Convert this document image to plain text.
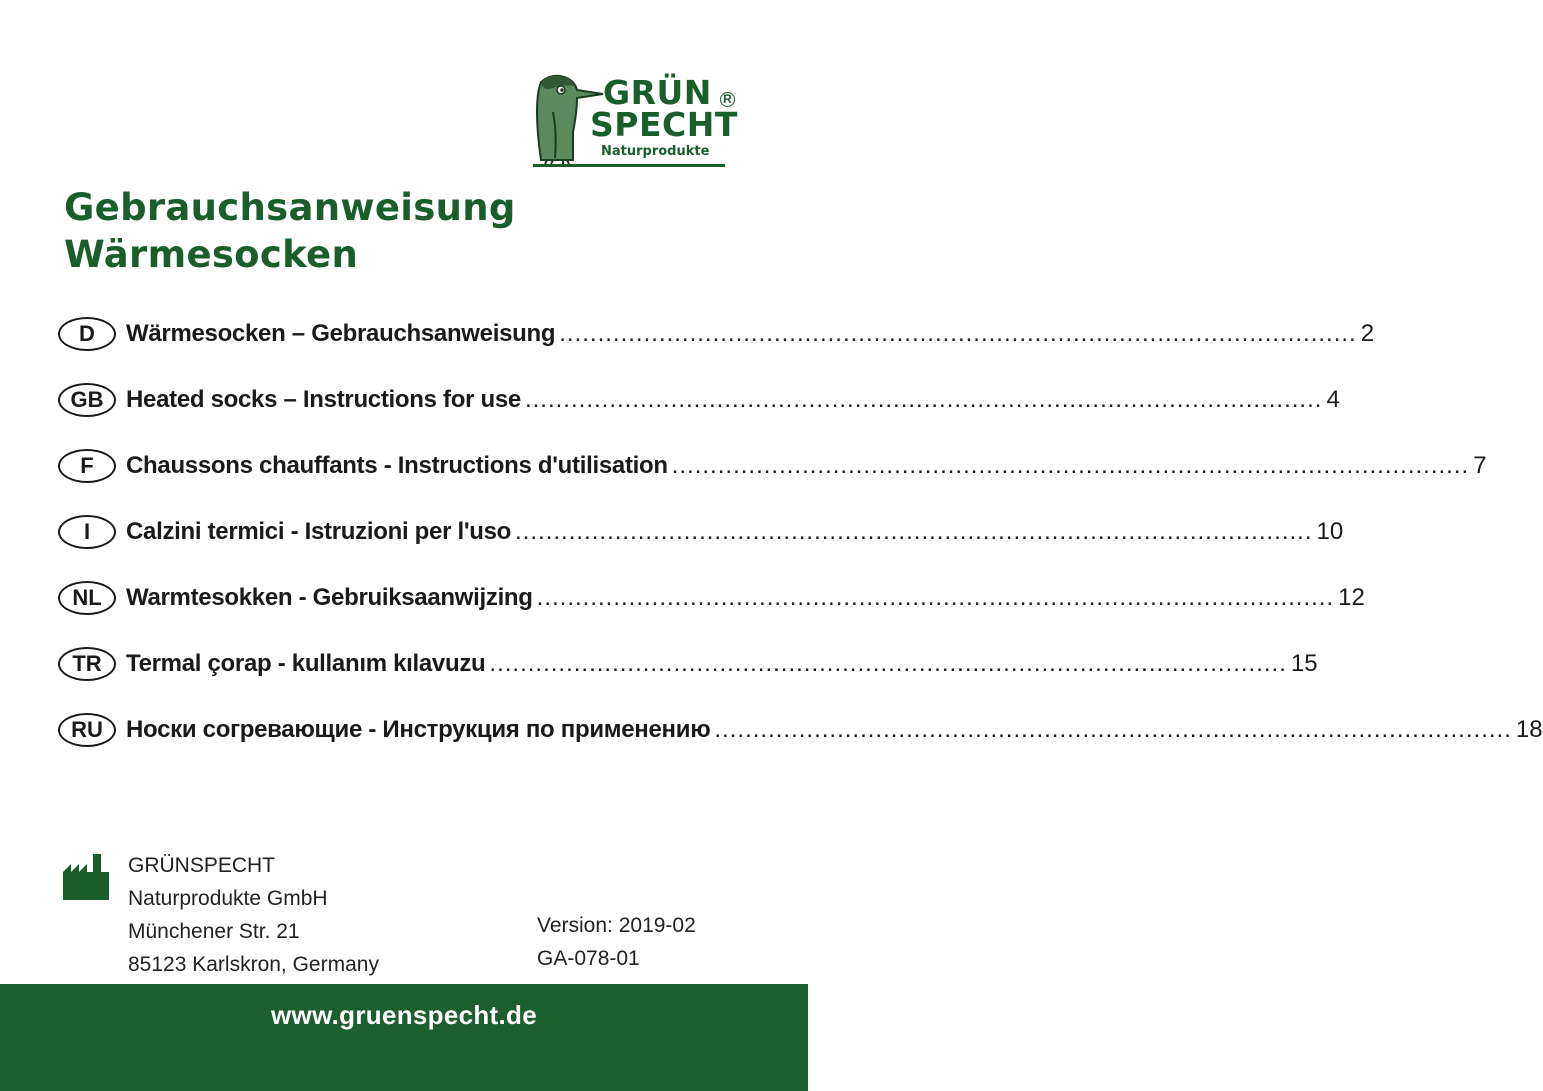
GRÜN
SPECHT
R
Naturprodukte
Gebrauchsanweisung
Wärmesocken
D	Wärmesocken – Gebrauchsanweisung .....	2
GB Heated socks – Instructions for use .....	4
F	Chaussons chauffants - Instructions d'utilisation .....	7
I	Calzini termici - Istruzioni per l'uso .....	10
NL	Warmtesokken - Gebruiksaanwijzing .....	12
TR	Termal çorap - kullanım kılavuzu .....	15
RU Носки согревающие - Инструкция по применению .....	18
GRÜNSPECHT
Naturprodukte GmbH
Münchener Str. 21
85123 Karlskron, Germany
Version: 2019-02
GA-078-01
www.gruenspecht.de
